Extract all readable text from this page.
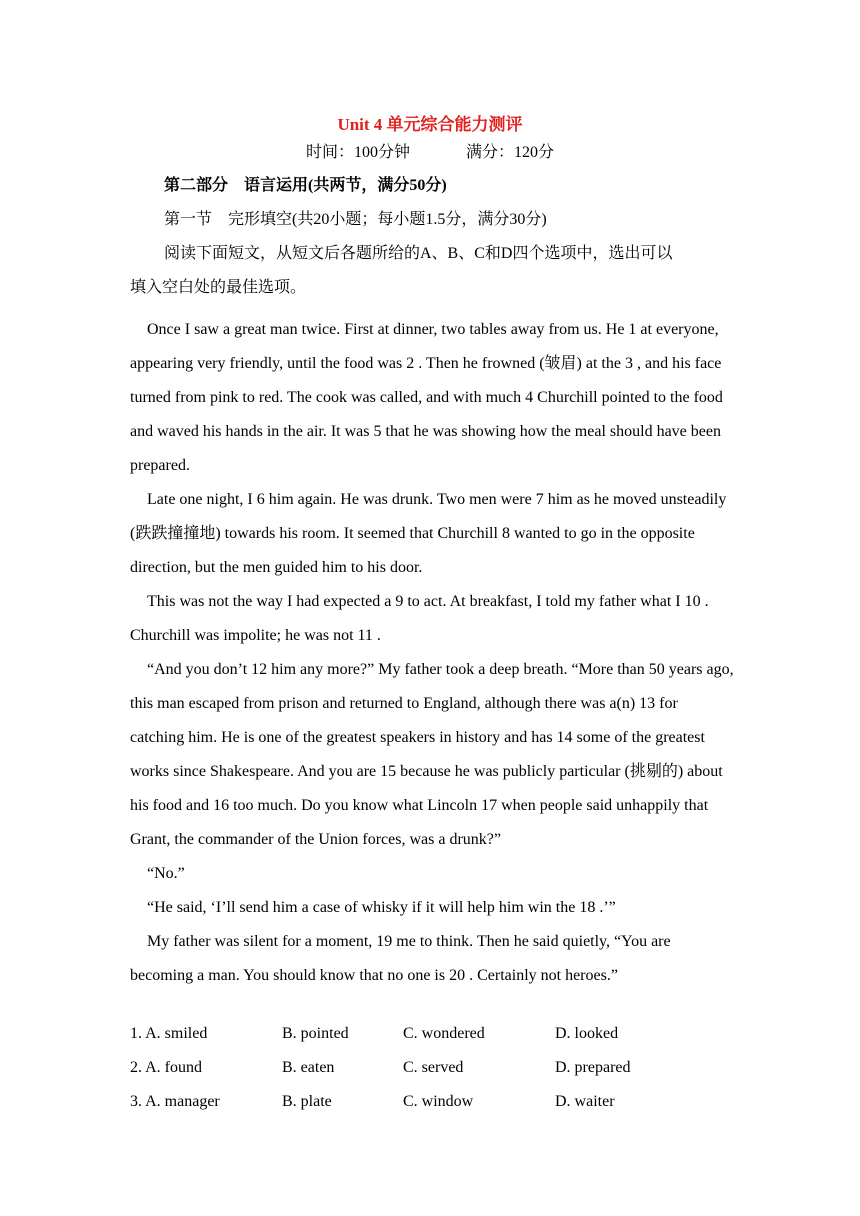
Unit 4 单元综合能力测评
时间：100分钟	满分：120分
第二部分　语言运用(共两节，满分50分)
第一节　完形填空(共20小题；每小题1.5分，满分30分)
阅读下面短文，从短文后各题所给的A、B、C和D四个选项中，选出可以
填入空白处的最佳选项。

Once I saw a great man twice. First at dinner, two tables away from us. He 1 at everyone, appearing very friendly, until the food was 2 . Then he frowned (皱眉) at the 3 , and his face turned from pink to red. The cook was called, and with much 4 Churchill pointed to the food and waved his hands in the air. It was 5 that he was showing how the meal should have been prepared.

Late one night, I 6 him again. He was drunk. Two men were 7 him as he moved unsteadily (跌跌撞撞地) towards his room. It seemed that Churchill 8 wanted to go in the opposite direction, but the men guided him to his door.

This was not the way I had expected a 9 to act. At breakfast, I told my father what I 10 . Churchill was impolite; he was not 11 .

“And you don’t 12 him any more?” My father took a deep breath. “More than 50 years ago, this man escaped from prison and returned to England, although there was a(n) 13 for catching him. He is one of the greatest speakers in history and has 14 some of the greatest works since Shakespeare. And you are 15 because he was publicly particular (挑剔的) about his food and 16 too much. Do you know what Lincoln 17 when people said unhappily that Grant, the commander of the Union forces, was a drunk?”

“No.”

“He said, ‘I’ll send him a case of whisky if it will help him win the 18 .’”

My father was silent for a moment, 19 me to think. Then he said quietly, “You are becoming a man. You should know that no one is 20 . Certainly not heroes.”

1. A. smiled	B. pointed	C. wondered	D. looked
2. A. found	B. eaten	C. served	D. prepared
3. A. manager	B. plate	C. window	D. waiter
